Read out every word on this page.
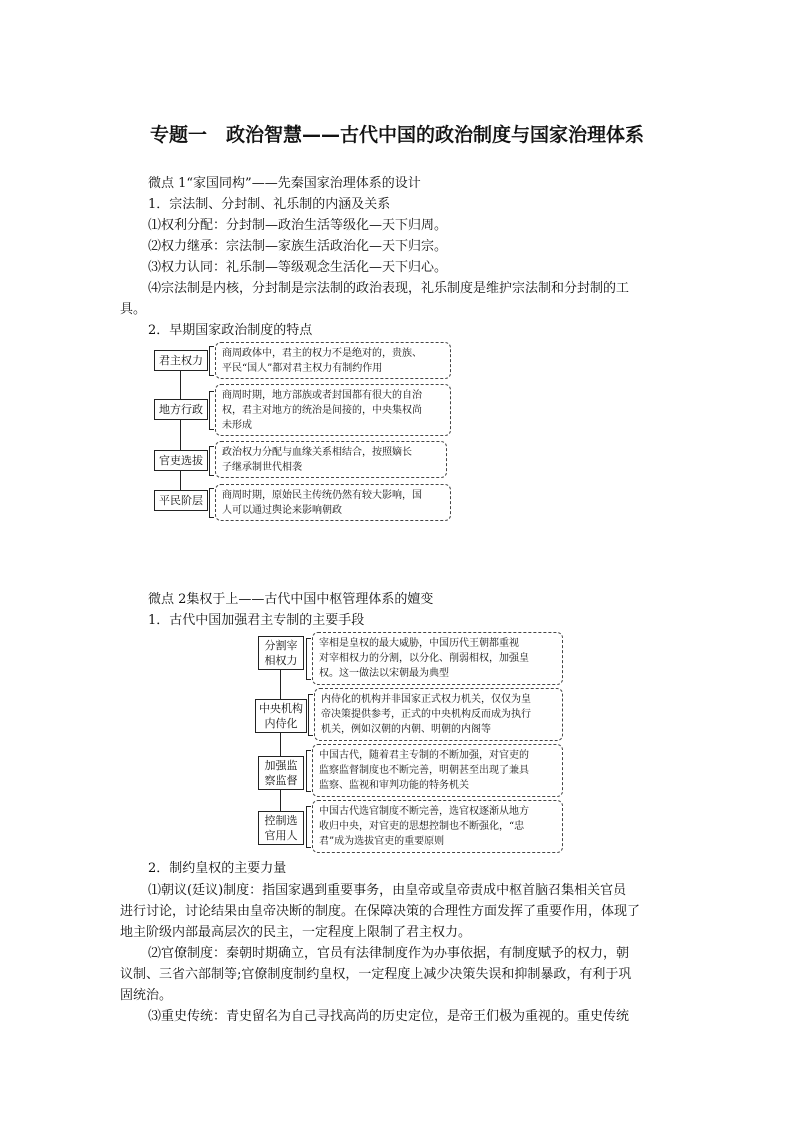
专题一　政治智慧——古代中国的政治制度与国家治理体系
微点 1“家国同构”——先秦国家治理体系的设计
1．宗法制、分封制、礼乐制的内涵及关系
⑴权利分配：分封制—政治生活等级化—天下归周。
⑵权力继承：宗法制—家族生活政治化—天下归宗。
⑶权力认同：礼乐制—等级观念生活化—天下归心。
⑷宗法制是内核，分封制是宗法制的政治表现，礼乐制度是维护宗法制和分封制的工
具。
2．早期国家政治制度的特点
君主权力
商周政体中，君主的权力不是绝对的，贵族、
平民“国人”都对君主权力有制约作用
地方行政
商周时期，地方部族或者封国都有很大的自治
权，君主对地方的统治是间接的，中央集权尚
未形成
官吏选拔
政治权力分配与血缘关系相结合，按照嫡长
子继承制世代相袭
平民阶层	商周时期，原始民主传统仍然有较大影响，国
人可以通过舆论来影响朝政
微点 2集权于上——古代中国中枢管理体系的嬗变
1．古代中国加强君主专制的主要手段
分割宰
相权力
宰相是皇权的最大威胁，中国历代王朝都重视
对宰相权力的分割，以分化、削弱相权，加强皇
权。这一做法以宋朝最为典型
中央机构
内侍化
内侍化的机构并非国家正式权力机关，仅仅为皇
帝决策提供参考，正式的中央机构反而成为执行
机关，例如汉朝的内朝、明朝的内阁等
加强监
察监督
中国古代，随着君主专制的不断加强，对官吏的
监察监督制度也不断完善，明朝甚至出现了兼具
监察、监视和审判功能的特务机关
控制选
官用人
中国古代选官制度不断完善，选官权逐渐从地方
收归中央，对官吏的思想控制也不断强化，“忠
君”成为选拔官吏的重要原则
2．制约皇权的主要力量
⑴朝议(廷议)制度：指国家遇到重要事务，由皇帝或皇帝责成中枢首脑召集相关官员
进行讨论，讨论结果由皇帝决断的制度。在保障决策的合理性方面发挥了重要作用，体现了
地主阶级内部最高层次的民主，一定程度上限制了君主权力。
⑵官僚制度：秦朝时期确立，官员有法律制度作为办事依据，有制度赋予的权力，朝
议制、三省六部制等;官僚制度制约皇权，一定程度上减少决策失误和抑制暴政，有利于巩
固统治。
⑶重史传统：青史留名为自己寻找高尚的历史定位，是帝王们极为重视的。重史传统
